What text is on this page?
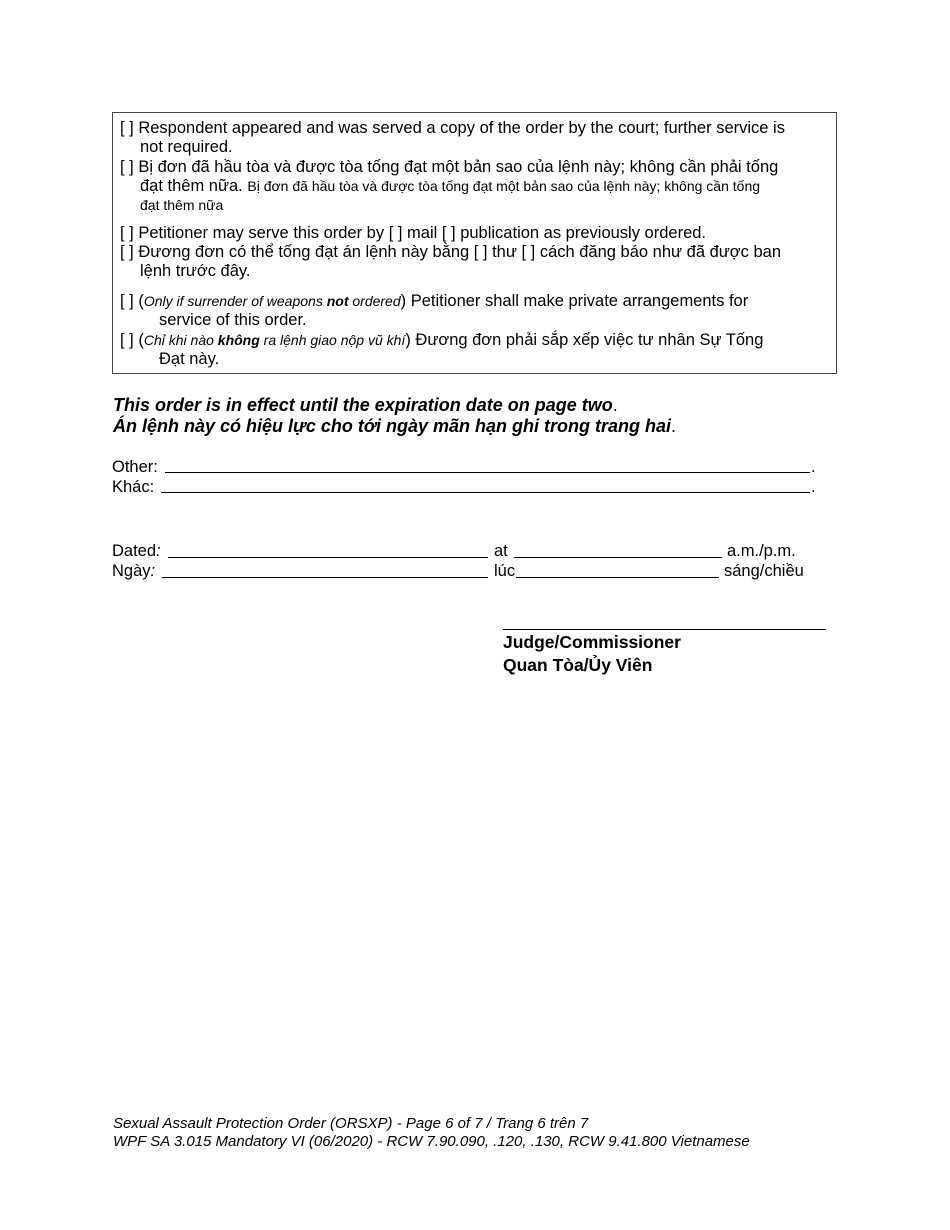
[ ] Respondent appeared and was served a copy of the order by the court; further service is
not required.
[ ] Bị đơn đã hầu tòa và được tòa tống đạt một bản sao của lệnh này; không cần phải tống
đạt thêm nữa. Bị đơn đã hầu tòa và được tòa tống đạt một bản sao của lệnh này; không cần tống
đạt thêm nữa
[ ] Petitioner may serve this order by [ ] mail [ ] publication as previously ordered.
[ ] Đương đơn có thể tống đạt án lệnh này bằng [ ] thư [ ] cách đăng báo như đã được ban
lệnh trước đây.
[ ] (Only if surrender of weapons not ordered) Petitioner shall make private arrangements for
service of this order.
[ ] (Chỉ khi nào không ra lệnh giao nộp vũ khí) Đương đơn phải sắp xếp việc tư nhân Sự Tống
Đạt này.
This order is in effect until the expiration date on page two.
Án lệnh này có hiệu lực cho tới ngày mãn hạn ghi trong trang hai.
Other:	.
Khác:	.
Dated:	at	a.m./p.m.
Ngày:	lúc	sáng/chiều
Judge/Commissioner
Quan Tòa/Ủy Viên
Sexual Assault Protection Order (ORSXP) - Page 6 of 7 / Trang 6 trên 7
WPF SA 3.015 Mandatory VI (06/2020) - RCW 7.90.090, .120, .130, RCW 9.41.800 Vietnamese
